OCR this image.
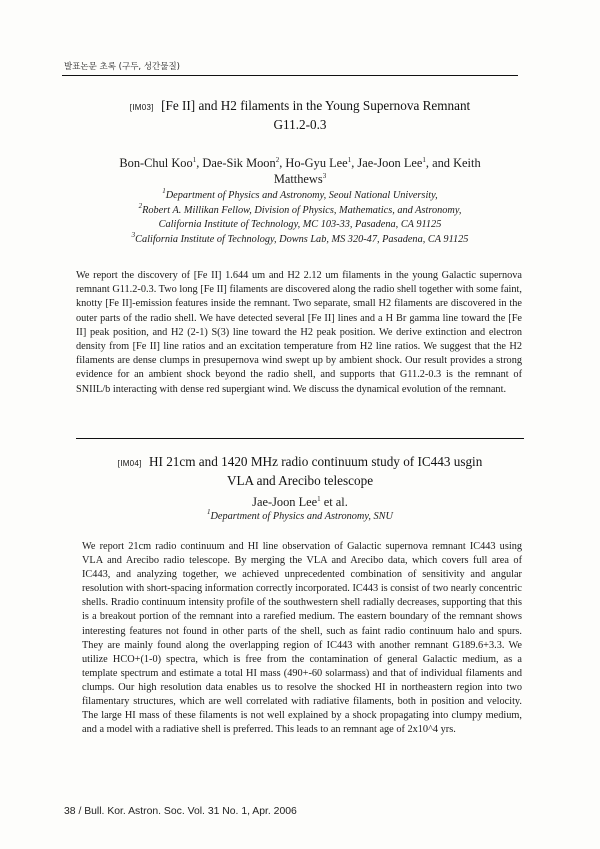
발표논문 초록 (구두, 성간물질)
[IM03] [Fe II] and H2 filaments in the Young Supernova Remnant
G11.2-0.3
Bon-Chul Koo$^1$, Dae-Sik Moon$^2$, Ho-Gyu Lee$^1$, Jae-Joon Lee$^1$, and Keith
Matthews$^3$
$^1$Department of Physics and Astronomy, Seoul National University,
$^2$Robert A. Millikan Fellow, Division of Physics, Mathematics, and Astronomy,
California Institute of Technology, MC 103-33, Pasadena, CA 91125
$^3$California Institute of Technology, Downs Lab, MS 320-47, Pasadena, CA 91125

We report the discovery of [Fe II] 1.644 um and H2 2.12 um filaments in the young Galactic supernova remnant G11.2-0.3. Two long [Fe II] filaments are discovered along the radio shell together with some faint, knotty [Fe II]-emission features inside the remnant. Two separate, small H2 filaments are discovered in the outer parts of the radio shell. We have detected several [Fe II] lines and a H Br gamma line toward the [Fe II] peak position, and H2 (2-1) S(3) line toward the H2 peak position. We derive extinction and electron density from [Fe II] line ratios and an excitation temperature from H2 line ratios. We suggest that the H2 filaments are dense clumps in presupernova wind swept up by ambient shock. Our result provides a strong evidence for an ambient shock beyond the radio shell, and supports that G11.2-0.3 is the remnant of SNIIL/b interacting with dense red supergiant wind. We discuss the dynamical evolution of the remnant.

[IM04] HI 21cm and 1420 MHz radio continuum study of IC443 usgin
VLA and Arecibo telescope
Jae-Joon Lee$^1$ et al.
$^1$Department of Physics and Astronomy, SNU

We report 21cm radio continuum and HI line observation of Galactic supernova remnant IC443 using VLA and Arecibo radio telescope. By merging the VLA and Arecibo data, which covers full area of IC443, and analyzing together, we achieved unprecedented combination of sensitivity and angular resolution with short-spacing information correctly incorporated. IC443 is consist of two nearly concentric shells. Rradio continuum intensity profile of the southwestern shell radially decreases, supporting that this is a breakout portion of the remnant into a rarefied medium. The eastern boundary of the remnant shows interesting features not found in other parts of the shell, such as faint radio continuum halo and spurs. They are mainly found along the overlapping region of IC443 with another remnant G189.6+3.3. We utilize HCO+(1-0) spectra, which is free from the contamination of general Galactic medium, as a template spectrum and estimate a total HI mass (490+-60 solarmass) and that of individual filaments and clumps. Our high resolution data enables us to resolve the shocked HI in northeastern region into two filamentary structures, which are well correlated with radiative filaments, both in position and velocity. The large HI mass of these filaments is not well explained by a shock propagating into clumpy medium, and a model with a radiative shell is preferred. This leads to an remnant age of 2x10^4 yrs.

38 / Bull. Kor. Astron. Soc. Vol. 31 No. 1, Apr. 2006
